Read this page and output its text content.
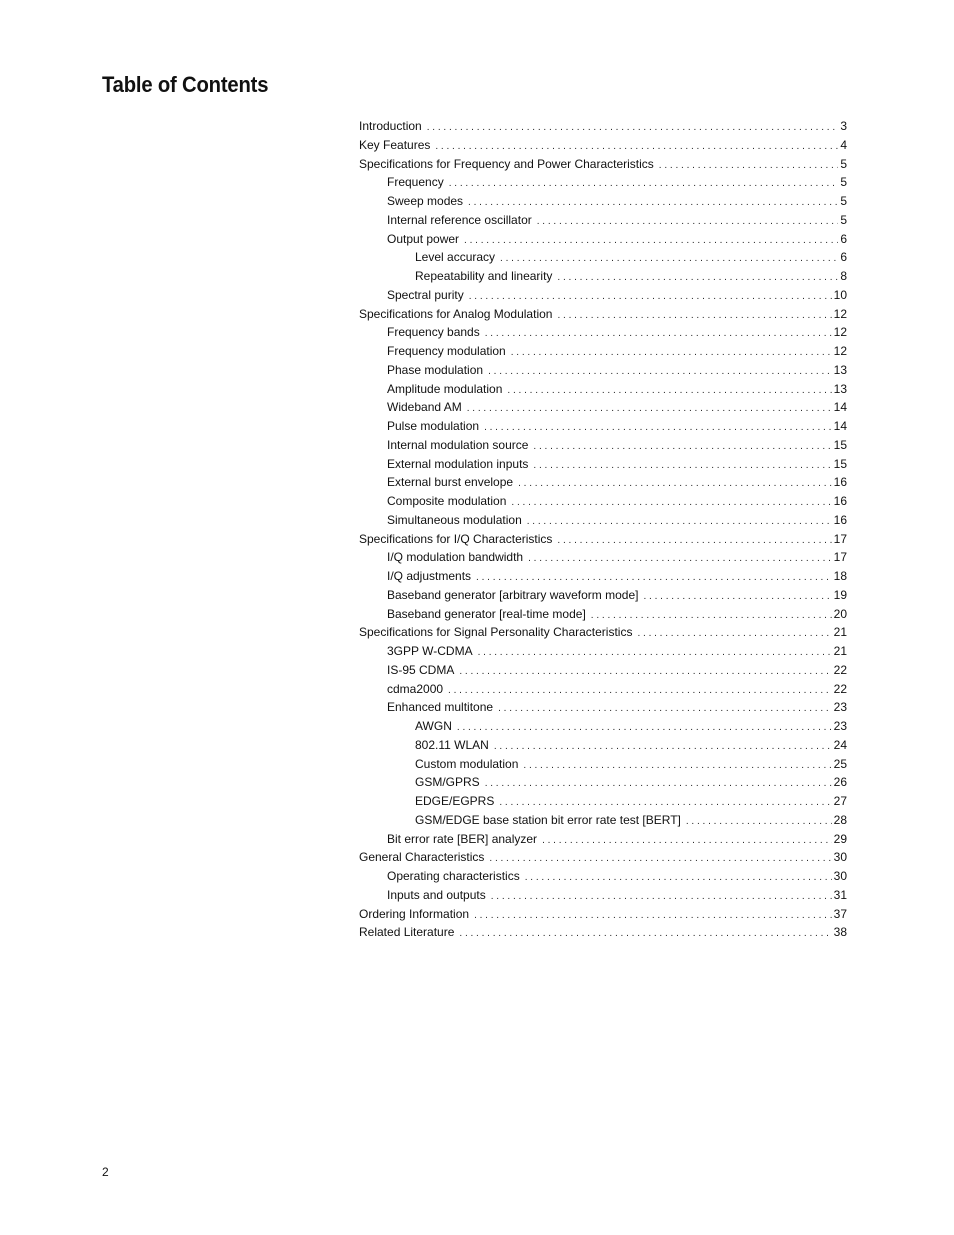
Table of Contents
Introduction . . .	3
Key Features . . .	4
Specifications for Frequency and Power Characteristics . . .	5
Frequency . . .	5
Sweep modes . . .	5
Internal reference oscillator . . .	5
Output power . . .	6
Level accuracy . . .	6
Repeatability and linearity . . .	8
Spectral purity . . .	10
Specifications for Analog Modulation . . .	12
Frequency bands . . .	12
Frequency modulation . . .	12
Phase modulation . . .	13
Amplitude modulation . . .	13
Wideband AM . . .	14
Pulse modulation . . .	14
Internal modulation source . . .	15
External modulation inputs . . .	15
External burst envelope . . .	16
Composite modulation . . .	16
Simultaneous modulation . . .	16
Specifications for I/Q Characteristics . . .	17
I/Q modulation bandwidth . . .	17
I/Q adjustments . . .	18
Baseband generator [arbitrary waveform mode] . . .	19
Baseband generator [real-time mode] . . .	20
Specifications for Signal Personality Characteristics . . .	21
3GPP W-CDMA . . .	21
IS-95 CDMA . . .	22
cdma2000 . . .	22
Enhanced multitone . . .	23
AWGN . . .	23
802.11 WLAN . . .	24
Custom modulation . . .	25
GSM/GPRS . . .	26
EDGE/EGPRS . . .	27
GSM/EDGE base station bit error rate test [BERT] . . .	28
Bit error rate [BER] analyzer . . .	29
General Characteristics . . .	30
Operating characteristics . . .	30
Inputs and outputs . . .	31
Ordering Information . . .	37
Related Literature . . .	38
2
